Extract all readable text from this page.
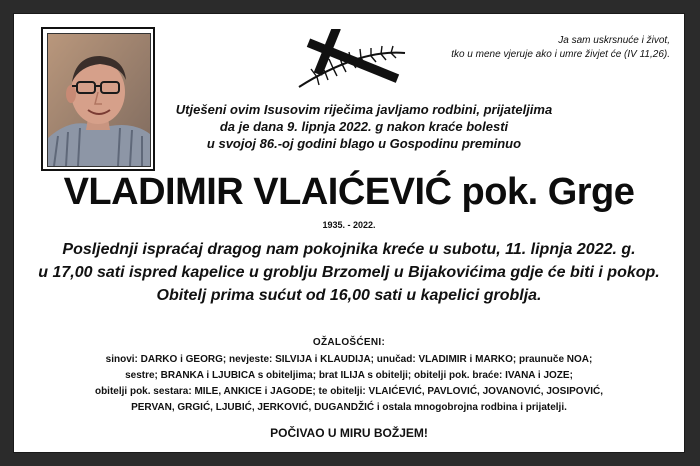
Ja sam uskrsnuće i život,
tko u mene vjeruje ako i umre živjet će (IV 11,26).
Utješeni ovim Isusovim riječima javljamo rodbini, prijateljima
da je dana 9. lipnja 2022. g nakon kraće bolesti
u svojoj 86.-oj godini blago u Gospodinu preminuo
VLADIMIR VLAIĆEVIĆ pok. Grge
1935. - 2022.
Posljednji ispraćaj dragog nam pokojnika kreće u subotu, 11. lipnja 2022. g.
u 17,00 sati ispred kapelice u groblju Brzomelj u Bijakovićima gdje će biti i pokop.
Obitelj prima sućut od 16,00 sati u kapelici groblja.
OŽALOŠĆENI:
sinovi: DARKO i GEORG; nevjeste: SILVIJA i KLAUDIJA; unučad: VLADIMIR i MARKO; praunuče NOA;
sestre; BRANKA i LJUBICA s obiteljima; brat ILIJA s obitelji; obitelji pok. braće: IVANA i JOZE;
obitelji pok. sestara: MILE, ANKICE i JAGODE; te obitelji: VLAIĆEVIĆ, PAVLOVIĆ, JOVANOVIĆ, JOSIPOVIĆ,
PERVAN, GRGIĆ, LJUBIĆ, JERKOVIĆ, DUGANDŽIĆ i ostala mnogobrojna rodbina i prijatelji.
POČIVAO U MIRU BOŽJEM!
